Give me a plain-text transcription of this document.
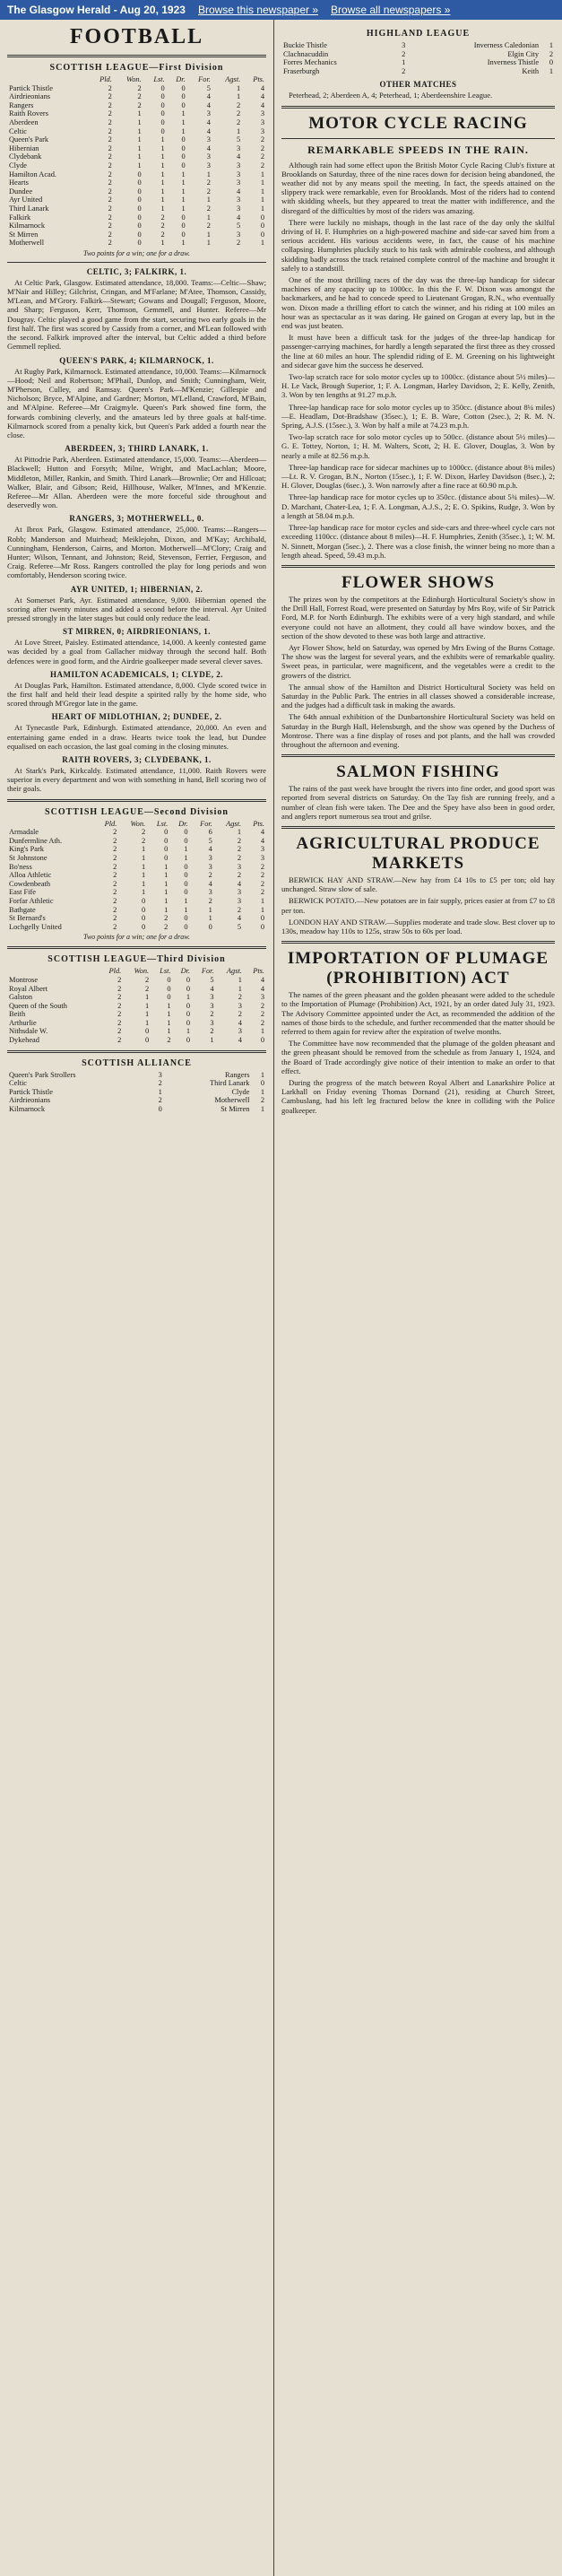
The Glasgow Herald - Aug 20, 1923 Browse this newspaper » Browse all newspapers »
FOOTBALL
SCOTTISH LEAGUE—First Division
	Pld.	Won.	Lst.	Dr.	For.	Agst.	Pts.
Partick Thistle	2	2	0	0	5	1	4
Airdrieonians	2	2	0	0	4	1	4
Rangers	2	2	0	0	4	2	4
Raith Rovers	2	1	0	1	3	2	3
Aberdeen	2	1	0	1	4	2	3
Celtic	2	1	0	1	4	1	3
Queen's Park	2	1	1	0	3	5	2
Hibernian	2	1	1	0	4	3	2
Clydebank	2	1	1	0	3	4	2
Clyde	2	1	1	0	3	3	2
Hamilton Acad.	2	0	1	1	1	3	1
Hearts	2	0	1	1	2	3	1
Dundee	2	0	1	1	2	4	1
Ayr United	2	0	1	1	1	3	1
Third Lanark	2	0	1	1	2	3	1
Falkirk	2	0	2	0	1	4	0
Kilmarnock	2	0	2	0	2	5	0
St Mirren	2	0	2	0	1	3	0
Motherwell	2	0	1	1	1	2	1
Two points for a win; one for a draw.
CELTIC, 3; FALKIRK, 1.

At Celtic Park, Glasgow. Estimated attendance, 18,000. Teams:—Celtic—Shaw; M'Nair and Hilley; Gilchrist, Cringan, and M'Farlane; M'Atee, Thomson, Cassidy, M'Lean, and M'Grory. Falkirk—Stewart; Gowans and Dougall; Ferguson, Moore, and Sharp; Ferguson, Kerr, Thomson, Gemmell, and Hunter. Referee—Mr Dougray. Celtic played a good game from the start, securing two early goals in the first half. The first was scored by Cassidy from a corner, and M'Lean followed with the second. Falkirk improved after the interval, but Celtic added a third before Gemmell replied.

QUEEN'S PARK, 4; KILMARNOCK, 1.

At Rugby Park, Kilmarnock. Estimated attendance, 10,000. Teams:—Kilmarnock—Hood; Neil and Robertson; M'Phail, Dunlop, and Smith; Cunningham, Weir, M'Pherson, Culley, and Ramsay. Queen's Park—M'Kenzie; Gillespie and Nicholson; Bryce, M'Alpine, and Gardner; Morton, M'Lelland, Crawford, M'Bain, and M'Alpine. Referee—Mr Craigmyle. Queen's Park showed fine form, the forwards combining cleverly, and the amateurs led by three goals at half-time. Kilmarnock scored from a penalty kick, but Queen's Park added a fourth near the close.

ABERDEEN, 3; THIRD LANARK, 1.

At Pittodrie Park, Aberdeen. Estimated attendance, 15,000. Teams:—Aberdeen—Blackwell; Hutton and Forsyth; Milne, Wright, and MacLachlan; Moore, Middleton, Miller, Rankin, and Smith. Third Lanark—Brownlie; Orr and Hillcoat; Walker, Blair, and Gibson; Reid, Hillhouse, Walker, M'Innes, and M'Kenzie. Referee—Mr Allan. Aberdeen were the more forceful side throughout and deservedly won.

RANGERS, 3; MOTHERWELL, 0.

At Ibrox Park, Glasgow. Estimated attendance, 25,000. Teams:—Rangers—Robb; Manderson and Muirhead; Meiklejohn, Dixon, and M'Kay; Archibald, Cunningham, Henderson, Cairns, and Morton. Motherwell—M'Clory; Craig and Hunter; Wilson, Tennant, and Johnston; Reid, Stevenson, Ferrier, Ferguson, and Craig. Referee—Mr Ross. Rangers controlled the play for long periods and won comfortably, Henderson scoring twice.

AYR UNITED, 1; HIBERNIAN, 2.

At Somerset Park, Ayr. Estimated attendance, 9,000. Hibernian opened the scoring after twenty minutes and added a second before the interval. Ayr United pressed strongly in the later stages but could only reduce the lead.

ST MIRREN, 0; AIRDRIEONIANS, 1.

At Love Street, Paisley. Estimated attendance, 14,000. A keenly contested game was decided by a goal from Gallacher midway through the second half. Both defences were in good form, and the Airdrie goalkeeper made several clever saves.

HAMILTON ACADEMICALS, 1; CLYDE, 2.

At Douglas Park, Hamilton. Estimated attendance, 8,000. Clyde scored twice in the first half and held their lead despite a spirited rally by the home side, who scored through M'Gregor late in the game.

HEART OF MIDLOTHIAN, 2; DUNDEE, 2.

At Tynecastle Park, Edinburgh. Estimated attendance, 20,000. An even and entertaining game ended in a draw. Hearts twice took the lead, but Dundee equalised on each occasion, the last goal coming in the closing minutes.

RAITH ROVERS, 3; CLYDEBANK, 1.

At Stark's Park, Kirkcaldy. Estimated attendance, 11,000. Raith Rovers were superior in every department and won with something in hand, Bell scoring two of their goals.

SCOTTISH LEAGUE—Second Division
	Pld.	Won.	Lst.	Dr.	For.	Agst.	Pts.
Armadale	2	2	0	0	6	1	4
Dunfermline Ath.	2	2	0	0	5	2	4
King's Park	2	1	0	1	4	2	3
St Johnstone	2	1	0	1	3	2	3
Bo'ness	2	1	1	0	3	3	2
Alloa Athletic	2	1	1	0	2	2	2
Cowdenbeath	2	1	1	0	4	4	2
East Fife	2	1	1	0	3	3	2
Forfar Athletic	2	0	1	1	2	3	1
Bathgate	2	0	1	1	1	2	1
St Bernard's	2	0	2	0	1	4	0
Lochgelly United	2	0	2	0	0	5	0
Two points for a win; one for a draw.
SCOTTISH LEAGUE—Third Division
	Pld.	Won.	Lst.	Dr.	For.	Agst.	Pts.
Montrose	2	2	0	0	5	1	4
Royal Albert	2	2	0	0	4	1	4
Galston	2	1	0	1	3	2	3
Queen of the South	2	1	1	0	3	3	2
Beith	2	1	1	0	2	2	2
Arthurlie	2	1	1	0	3	4	2
Nithsdale W.	2	0	1	1	2	3	1
Dykehead	2	0	2	0	1	4	0
SCOTTISH ALLIANCE
Queen's Park Strollers	3	Rangers	1
Celtic	2	Third Lanark	0
Partick Thistle	1	Clyde	1
Airdrieonians	2	Motherwell	2
Kilmarnock	0	St Mirren	1
HIGHLAND LEAGUE
Buckie Thistle	3	Inverness Caledonian	1
Clachnacuddin	2	Elgin City	2
Forres Mechanics	1	Inverness Thistle	0
Fraserburgh	2	Keith	1
OTHER MATCHES

Peterhead, 2; Aberdeen A, 4; Peterhead, 1; Aberdeenshire League.

MOTOR CYCLE RACING
REMARKABLE SPEEDS IN THE RAIN.

Although rain had some effect upon the British Motor Cycle Racing Club's fixture at Brooklands on Saturday, three of the nine races down for decision being abandoned, the weather did not by any means spoil the meeting. In fact, the speeds attained on the slippery track were remarkable, even for Brooklands. Most of the riders had to contend with skidding wheels, but they appeared to treat the matter with indifference, and the disregard of the difficulties by most of the riders was amazing.

There were luckily no mishaps, though in the last race of the day only the skilful driving of H. F. Humphries on a high-powered machine and side-car saved him from a serious accident. His various accidents were, in fact, the cause of his machine collapsing. Humphries pluckily stuck to his task with admirable coolness, and although skidding badly across the track retained complete control of the machine and brought it safely to a standstill.

One of the most thrilling races of the day was the three-lap handicap for sidecar machines of any capacity up to 1000cc. In this the F. W. Dixon was amongst the backmarkers, and he had to concede speed to Lieutenant Grogan, R.N., who eventually won. Dixon made a thrilling effort to catch the winner, and his riding at 100 miles an hour was as spectacular as it was daring. He gained on Grogan at every lap, but in the end was just beaten.

It must have been a difficult task for the judges of the three-lap handicap for passenger-carrying machines, for hardly a length separated the first three as they crossed the line at 60 miles an hour. The splendid riding of E. M. Greening on his lightweight and sidecar gave him the success he deserved.

Two-lap scratch race for solo motor cycles up to 1000cc. (distance about 5½ miles)—H. Le Vack, Brough Superior, 1; F. A. Longman, Harley Davidson, 2; E. Kelly, Zenith, 3. Won by ten lengths at 91.27 m.p.h.

Three-lap handicap race for solo motor cycles up to 350cc. (distance about 8¼ miles)—E. Headlam, Dot-Bradshaw (35sec.), 1; E. B. Ware, Cotton (2sec.), 2; R. M. N. Spring, A.J.S. (15sec.), 3. Won by half a mile at 74.23 m.p.h.

Two-lap scratch race for solo motor cycles up to 500cc. (distance about 5½ miles)—G. E. Tottey, Norton, 1; H. M. Walters, Scott, 2; H. E. Glover, Douglas, 3. Won by nearly a mile at 82.56 m.p.h.

Three-lap handicap race for sidecar machines up to 1000cc. (distance about 8¼ miles)—Lt. R. V. Grogan, B.N., Norton (15sec.), 1; F. W. Dixon, Harley Davidson (8sec.), 2; H. Glover, Douglas (6sec.), 3. Won narrowly after a fine race at 60.90 m.p.h.

Three-lap handicap race for motor cycles up to 350cc. (distance about 5¾ miles)—W. D. Marchant, Chater-Lea, 1; F. A. Longman, A.J.S., 2; E. O. Spikins, Rudge, 3. Won by a length at 58.04 m.p.h.

Three-lap handicap race for motor cycles and side-cars and three-wheel cycle cars not exceeding 1100cc. (distance about 8 miles)—H. F. Humphries, Zenith (35sec.), 1; W. M. N. Sinnett, Morgan (5sec.), 2. There was a close finish, the winner being no more than a length ahead. Speed, 59.43 m.p.h.

FLOWER SHOWS

The prizes won by the competitors at the Edinburgh Horticultural Society's show in the Drill Hall, Forrest Road, were presented on Saturday by Mrs Roy, wife of Sir Patrick Ford, M.P. for North Edinburgh. The exhibits were of a very high standard, and while everyone could not have an allotment, they could all have window boxes, and the section of the show devoted to these was both large and attractive.

Ayr Flower Show, held on Saturday, was opened by Mrs Ewing of the Burns Cottage. The show was the largest for several years, and the exhibits were of remarkable quality. Sweet peas, in particular, were magnificent, and the vegetables were a credit to the growers of the district.

The annual show of the Hamilton and District Horticultural Society was held on Saturday in the Public Park. The entries in all classes showed a considerable increase, and the judges had a difficult task in making the awards.

The 64th annual exhibition of the Dunbartonshire Horticultural Society was held on Saturday in the Burgh Hall, Helensburgh, and the show was opened by the Duchess of Montrose. There was a fine display of roses and pot plants, and the hall was crowded throughout the afternoon and evening.

SALMON FISHING

The rains of the past week have brought the rivers into fine order, and good sport was reported from several districts on Saturday. On the Tay fish are running freely, and a number of clean fish were taken. The Dee and the Spey have also been in good order, and anglers report numerous sea trout and grilse.

AGRICULTURAL PRODUCE MARKETS

BERWICK HAY AND STRAW.—New hay from £4 10s to £5 per ton; old hay unchanged. Straw slow of sale.

BERWICK POTATO.—New potatoes are in fair supply, prices easier at from £7 to £8 per ton.

LONDON HAY AND STRAW.—Supplies moderate and trade slow. Best clover up to 130s, meadow hay 110s to 125s, straw 50s to 60s per load.

IMPORTATION OF PLUMAGE (PROHIBITION) ACT

The names of the green pheasant and the golden pheasant were added to the schedule to the Importation of Plumage (Prohibition) Act, 1921, by an order dated July 31, 1923. The Advisory Committee appointed under the Act, as recommended the addition of the names of those birds to the schedule, and further recommended that the matter should be referred to them again for review after the expiration of twelve months.

The Committee have now recommended that the plumage of the golden pheasant and the green pheasant should be removed from the schedule as from January 1, 1924, and the Board of Trade accordingly give notice of their intention to make an order to that effect.

During the progress of the match between Royal Albert and Lanarkshire Police at Larkhall on Friday evening Thomas Dornand (21), residing at Church Street, Cambuslang, had his left leg fractured below the knee in colliding with the Police goalkeeper.
